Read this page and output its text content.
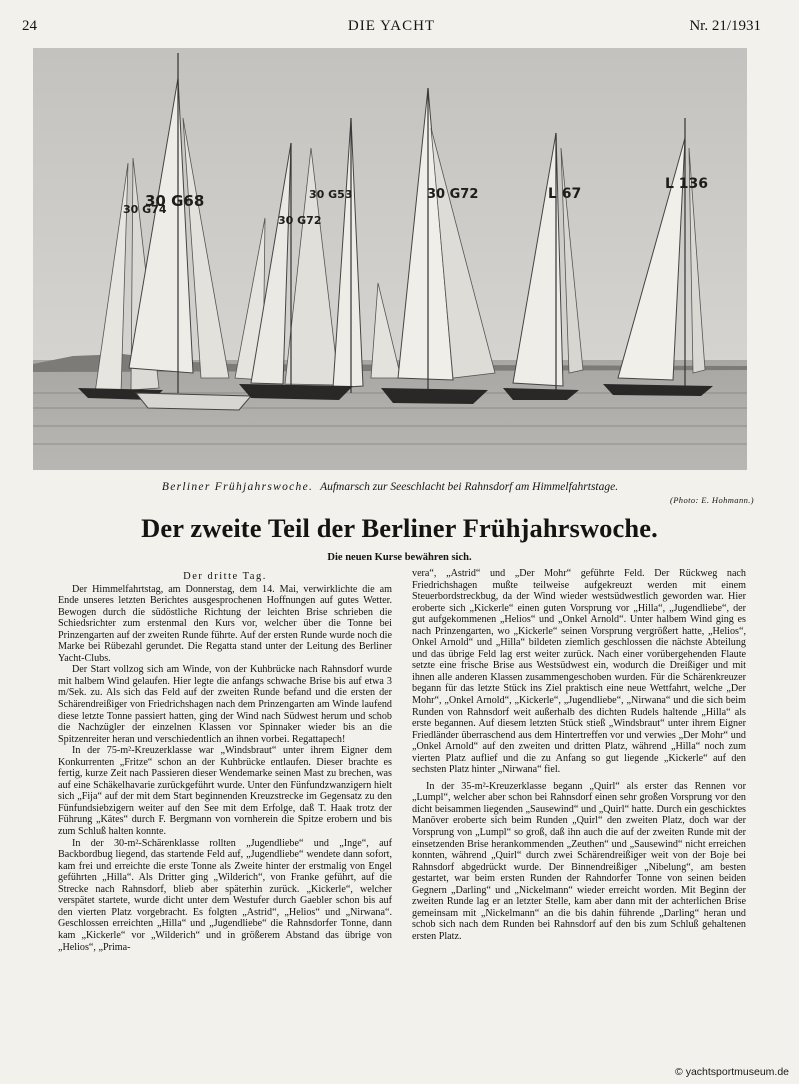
24	DIE YACHT	Nr. 21/1931
30 G74
30 G68
30 G72
30 G53	30 G72	L 67
L 136
Berliner Frühjahrswoche. Aufmarsch zur Seeschlacht bei Rahnsdorf am Himmelfahrtstage.
(Photo: E. Hohmann.)
Der zweite Teil der Berliner Frühjahrswoche.
Die neuen Kurse bewähren sich.
Der dritte Tag.

Der Himmelfahrtstag, am Donnerstag, dem 14. Mai, verwirklichte die am Ende unseres letzten Berichtes ausgesprochenen Hoffnungen auf gutes Wetter. Bewogen durch die südöstliche Richtung der leichten Brise schrieben die Schiedsrichter zum erstenmal den Kurs vor, welcher über die Tonne bei Prinzengarten auf der zweiten Runde führte. Auf der ersten Runde wurde noch die Marke bei Rübezahl gerundet. Die Regatta stand unter der Leitung des Berliner Yacht-Clubs.

Der Start vollzog sich am Winde, von der Kuhbrücke nach Rahnsdorf wurde mit halbem Wind gelaufen. Hier legte die anfangs schwache Brise bis auf etwa 3 m/Sek. zu. Als sich das Feld auf der zweiten Runde befand und die ersten der Schärendreißiger von Friedrichshagen nach dem Prinzengarten am Winde laufend diese letzte Tonne passiert hatten, ging der Wind nach Südwest herum und schob die Nachzügler der einzelnen Klassen vor Spinnaker wieder bis an die Spitzenreiter heran und verschiedentlich an ihnen vorbei. Regattapech!

In der 75-m²-Kreuzerklasse war „Windsbraut“ unter ihrem Eigner dem Konkurrenten „Fritze“ schon an der Kuhbrücke entlaufen. Dieser brachte es fertig, kurze Zeit nach Passieren dieser Wendemarke seinen Mast zu brechen, was auf eine Schäkelhavarie zurückgeführt wurde. Unter den Fünfundzwanzigern hielt sich „Fija“ auf der mit dem Start beginnenden Kreuzstrecke im Gegensatz zu den Fünfundsiebzigern weiter auf den See mit dem Erfolge, daß T. Haak trotz der Führung „Kätes“ durch F. Bergmann von vornherein die Spitze erobern und bis zum Schluß halten konnte.

In der 30-m²-Schärenklasse rollten „Jugendliebe“ und „Inge“, auf Backbordbug liegend, das startende Feld auf, „Jugendliebe“ wendete dann sofort, kam frei und erreichte die erste Tonne als Zweite hinter der erstmalig von Engel geführten „Hilla“. Als Dritter ging „Wilderich“, von Franke geführt, auf die Strecke nach Rahnsdorf, blieb aber späterhin zurück. „Kickerle“, welcher verspätet startete, wurde dicht unter dem Westufer durch Gaebler schon bis auf den vierten Platz vorgebracht. Es folgten „Astrid“, „Helios“ und „Nirwana“. Geschlossen erreichten „Hilla“ und „Jugendliebe“ die Rahnsdorfer Tonne, dann kam „Kickerle“ vor „Wilderich“ und in größerem Abstand das übrige von „Helios“, „Prima-

vera“, „Astrid“ und „Der Mohr“ geführte Feld. Der Rückweg nach Friedrichshagen mußte teilweise aufgekreuzt werden mit einem Steuerbordstreckbug, da der Wind wieder westsüdwestlich geworden war. Hier eroberte sich „Kickerle“ einen guten Vorsprung vor „Hilla“, „Jugendliebe“, der gut aufgekommenen „Helios“ und „Onkel Arnold“. Unter halbem Wind ging es nach Prinzengarten, wo „Kickerle“ seinen Vorsprung vergrößert hatte, „Helios“, Onkel Arnold“ und „Hilla“ bildeten ziemlich geschlossen die nächste Abteilung und das übrige Feld lag erst weiter zurück. Nach einer vorübergehenden Flaute setzte eine frische Brise aus Westsüdwest ein, wodurch die Dreißiger und mit ihnen alle anderen Klassen zusammengeschoben wurden. Für die Schärenkreuzer begann für das letzte Stück ins Ziel praktisch eine neue Wettfahrt, welche „Der Mohr“, „Onkel Arnold“, „Kickerle“, „Jugendliebe“, „Nirwana“ und die sich beim Runden von Rahnsdorf weit außerhalb des dichten Rudels haltende „Hilla“ als erste begannen. Auf diesem letzten Stück stieß „Windsbraut“ unter ihrem Eigner Friedländer überraschend aus dem Hintertreffen vor und verwies „Der Mohr“ und „Onkel Arnold“ auf den zweiten und dritten Platz, während „Hilla“ noch zum vierten Platz auflief und die zu Anfang so gut liegende „Kickerle“ auf den sechsten Platz hinter „Nirwana“ fiel.

In der 35-m²-Kreuzerklasse begann „Quirl“ als erster das Rennen vor „Lumpl“, welcher aber schon bei Rahnsdorf einen sehr großen Vorsprung vor den dicht beisammen liegenden „Sausewind“ und „Quirl“ hatte. Durch ein geschicktes Manöver eroberte sich beim Runden „Quirl“ den zweiten Platz, doch war der Vorsprung von „Lumpl“ so groß, daß ihn auch die auf der zweiten Runde mit der einsetzenden Brise herankommenden „Zeuthen“ und „Sausewind“ nicht erreichen konnten, während „Quirl“ durch zwei Schärendreißiger weit von der Boje bei Rahnsdorf abgedrückt wurde. Der Binnendreißiger „Nibelung“, am besten gestartet, war beim ersten Runden der Rahndorfer Tonne von seinen beiden Gegnern „Darling“ und „Nickelmann“ wieder erreicht worden. Mit Beginn der zweiten Runde lag er an letzter Stelle, kam aber dann mit der achterlichen Brise gemeinsam mit „Nickelmann“ an die bis dahin führende „Darling“ heran und schob sich nach dem Runden bei Rahnsdorf auf den bis zum Schluß gehaltenen ersten Platz.

© yachtsportmuseum.de
